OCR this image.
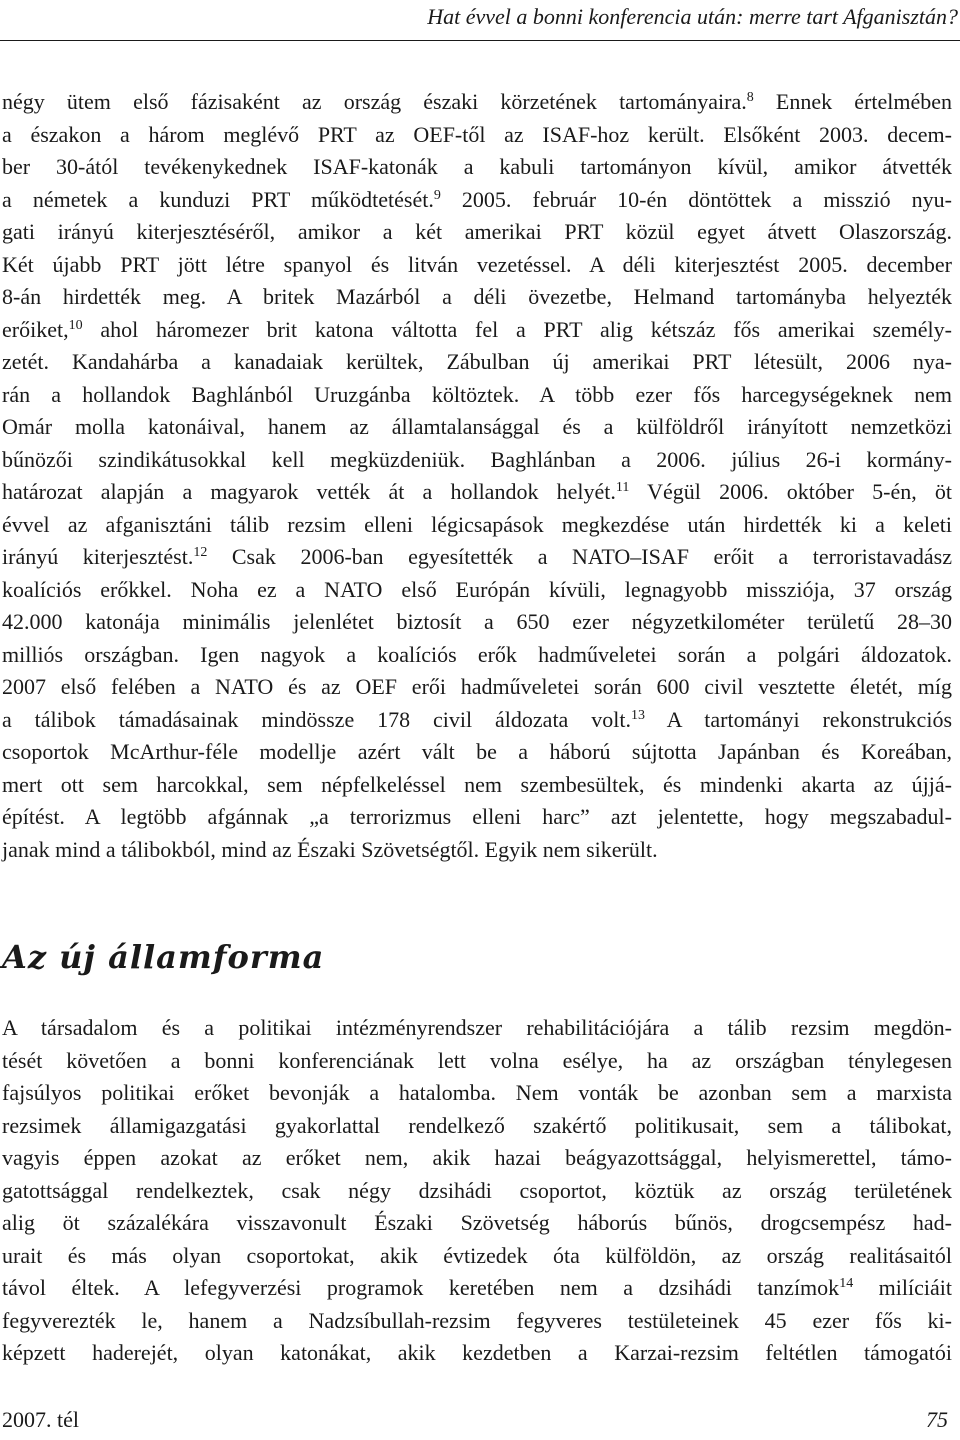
Hat évvel a bonni konferencia után: merre tart Afganisztán?
négy ütem első fázisaként az ország északi körzetének tartományaira.$^8$ Ennek értelmében
a északon a három meglévő PRT az OEF-től az ISAF-hoz került. Elsőként 2003. decem-
ber 30-ától tevékenykednek ISAF-katonák a kabuli tartományon kívül, amikor átvették
a németek a kunduzi PRT működtetését.$^9$ 2005. február 10-én döntöttek a misszió nyu-
gati irányú kiterjesztéséről, amikor a két amerikai PRT közül egyet átvett Olaszország.
Két újabb PRT jött létre spanyol és litván vezetéssel. A déli kiterjesztést 2005. december
8-án hirdették meg. A britek Mazárból a déli övezetbe, Helmand tartományba helyezték
erőiket,$^{10}$ ahol háromezer brit katona váltotta fel a PRT alig kétszáz fős amerikai személy-
zetét. Kandahárba a kanadaiak kerültek, Zábulban új amerikai PRT létesült, 2006 nya-
rán a hollandok Baghlánból Uruzgánba költöztek. A több ezer fős harcegységeknek nem
Omár molla katonáival, hanem az államtalansággal és a külföldről irányított nemzetközi
bűnözői szindikátusokkal kell megküzdeniük. Baghlánban a 2006. július 26-i kormány-
határozat alapján a magyarok vették át a hollandok helyét.$^{11}$ Végül 2006. október 5-én, öt
évvel az afganisztáni tálib rezsim elleni légicsapások megkezdése után hirdették ki a keleti
irányú kiterjesztést.$^{12}$ Csak 2006-ban egyesítették a NATO–ISAF erőit a terroristavadász
koalíciós erőkkel. Noha ez a NATO első Európán kívüli, legnagyobb missziója, 37 ország
42.000 katonája minimális jelenlétet biztosít a 650 ezer négyzetkilométer területű 28–30
milliós országban. Igen nagyok a koalíciós erők hadműveletei során a polgári áldozatok.
2007 első felében a NATO és az OEF erői hadműveletei során 600 civil vesztette életét, míg
a tálibok támadásainak mindössze 178 civil áldozata volt.$^{13}$ A tartományi rekonstrukciós
csoportok McArthur-féle modellje azért vált be a háború sújtotta Japánban és Koreában,
mert ott sem harcokkal, sem népfelkeléssel nem szembesültek, és mindenki akarta az újjá-
építést. A legtöbb afgánnak „a terrorizmus elleni harc” azt jelentette, hogy megszabadul-
janak mind a tálibokból, mind az Északi Szövetségtől. Egyik nem sikerült.
Az új államforma
A társadalom és a politikai intézményrendszer rehabilitációjára a tálib rezsim megdön-
tését követően a bonni konferenciának lett volna esélye, ha az országban ténylegesen
fajsúlyos politikai erőket bevonják a hatalomba. Nem vonták be azonban sem a marxista
rezsimek államigazgatási gyakorlattal rendelkező szakértő politikusait, sem a tálibokat,
vagyis éppen azokat az erőket nem, akik hazai beágyazottsággal, helyismerettel, támo-
gatottsággal rendelkeztek, csak négy dzsihádi csoportot, köztük az ország területének
alig öt százalékára visszavonult Északi Szövetség háborús bűnös, drogcsempész had-
urait és más olyan csoportokat, akik évtizedek óta külföldön, az ország realitásaitól
távol éltek. A lefegyverzési programok keretében nem a dzsihádi tanzímok$^{14}$ milíciáit
fegyverezték le, hanem a Nadzsíbullah-rezsim fegyveres testületeinek 45 ezer fős ki-
képzett haderejét, olyan katonákat, akik kezdetben a Karzai-rezsim feltétlen támogatói
2007. tél	75
